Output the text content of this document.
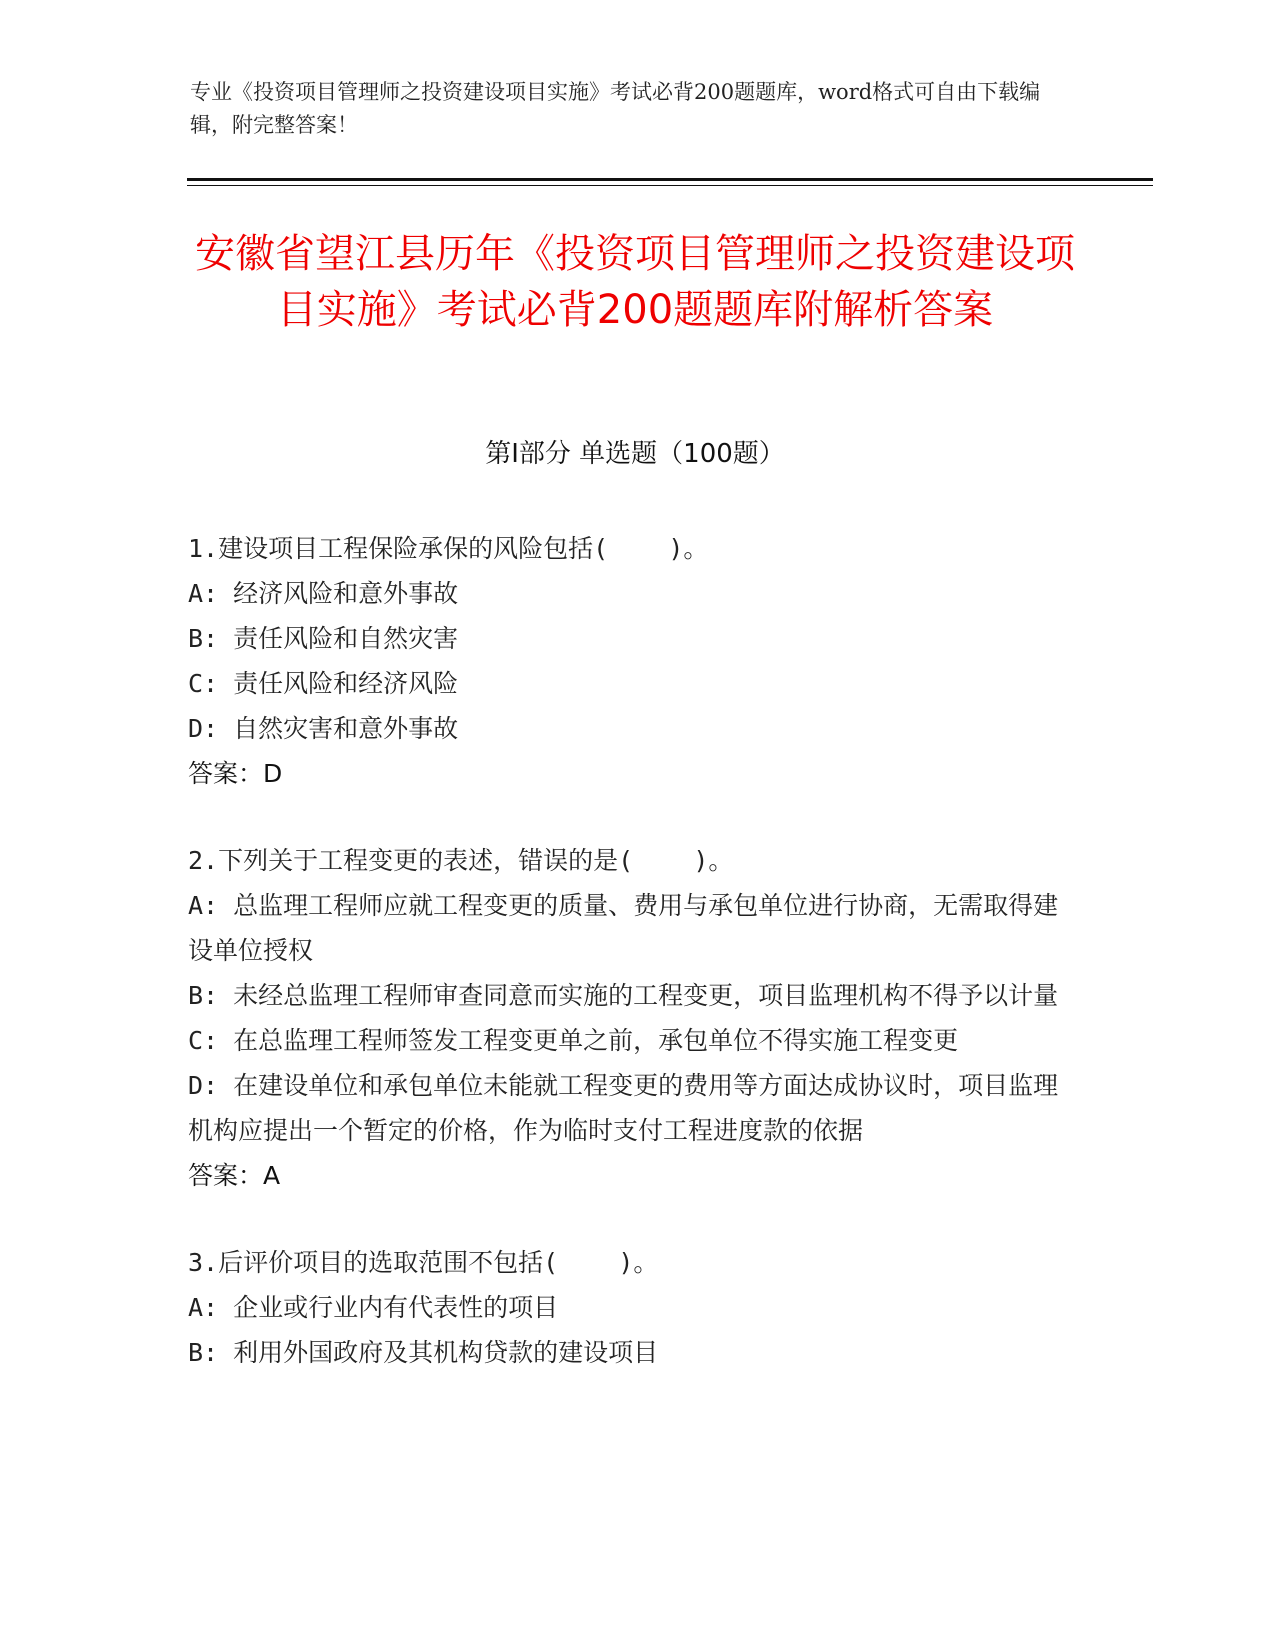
专业《投资项目管理师之投资建设项目实施》考试必背200题题库，word格式可自由下载编辑，附完整答案！
安徽省望江县历年《投资项目管理师之投资建设项目实施》考试必背200题题库附解析答案
第Ⅰ部分 单选题（100题）
1.建设项目工程保险承保的风险包括(    )。
A: 经济风险和意外事故
B: 责任风险和自然灾害
C: 责任风险和经济风险
D: 自然灾害和意外事故
答案：D
2.下列关于工程变更的表述，错误的是(    )。
A: 总监理工程师应就工程变更的质量、费用与承包单位进行协商，无需取得建设单位授权
B: 未经总监理工程师审查同意而实施的工程变更，项目监理机构不得予以计量
C: 在总监理工程师签发工程变更单之前，承包单位不得实施工程变更
D: 在建设单位和承包单位未能就工程变更的费用等方面达成协议时，项目监理机构应提出一个暂定的价格，作为临时支付工程进度款的依据
答案：A
3.后评价项目的选取范围不包括(    )。
A: 企业或行业内有代表性的项目
B: 利用外国政府及其机构贷款的建设项目
